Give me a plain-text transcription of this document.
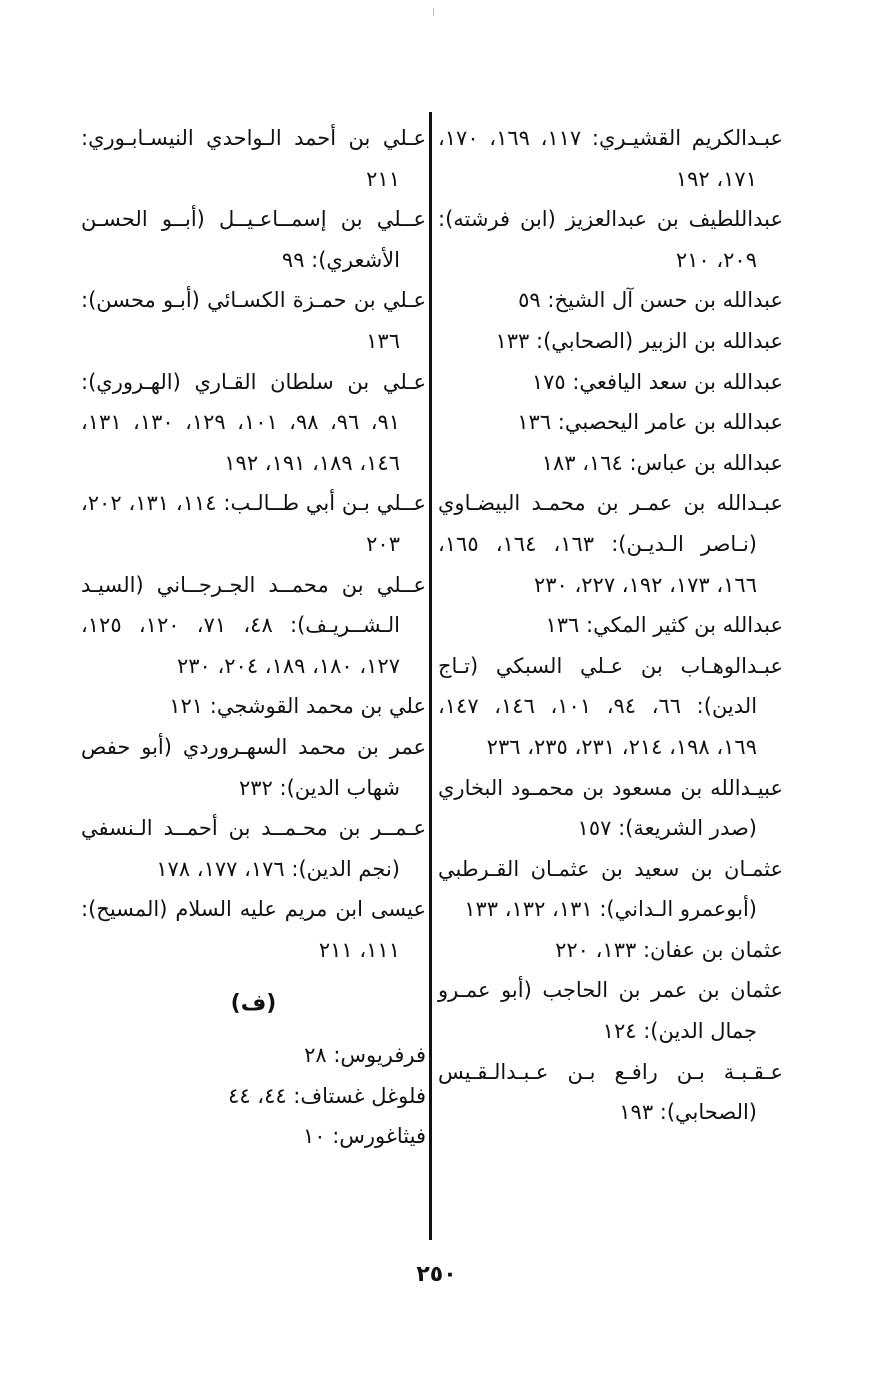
عبـدالكريم القشيـري: ١١٧، ١٦٩، ١٧٠، ١٧١، ١٩٢
عبداللطيف بن عبدالعزيز (ابن فرشته): ٢٠٩، ٢١٠
عبدالله بن حسن آل الشيخ: ٥٩
عبدالله بن الزبير (الصحابي): ١٣٣
عبدالله بن سعد اليافعي: ١٧٥
عبدالله بن عامر اليحصبي: ١٣٦
عبدالله بن عباس: ١٦٤، ١٨٣
عبـدالله بن عمـر بن محمـد البيضـاوي (نـاصر الـديـن): ١٦٣، ١٦٤، ١٦٥، ١٦٦، ١٧٣، ١٩٢، ٢٢٧، ٢٣٠
عبدالله بن كثير المكي: ١٣٦
عبـدالوهـاب بن عـلي السبكي (تـاج الدين): ٦٦، ٩٤، ١٠١، ١٤٦، ١٤٧، ١٦٩، ١٩٨، ٢١٤، ٢٣١، ٢٣٥، ٢٣٦
عبيـدالله بن مسعود بن محمـود البخاري (صدر الشريعة): ١٥٧
عثمـان بن سعيد بن عثمـان القـرطبي (أبوعمرو الـداني): ١٣١، ١٣٢، ١٣٣
عثمان بن عفان: ١٣٣، ٢٢٠
عثمان بن عمر بن الحاجب (أبو عمـرو جمال الدين): ١٢٤
عـقـبـة بـن رافـع بـن عـبـدالـقـيس (الصحابي): ١٩٣
عـلي بن أحمد الـواحدي النيسـابـوري: ٢١١
عــلي بن إسمــاعـيــل (أبــو الحسـن الأشعري): ٩٩
عـلي بن حمـزة الكسـائي (أبـو محسن): ١٣٦
عـلي بن سلطان القـاري (الهـروري): ٩١، ٩٦، ٩٨، ١٠١، ١٢٩، ١٣٠، ١٣١، ١٤٦، ١٨٩، ١٩١، ١٩٢
عــلي بـن أبي طــالـب: ١١٤، ١٣١، ٢٠٢، ٢٠٣
عــلي بن محمــد الجـرجــاني (السيـد الـشــريـف): ٤٨، ٧١، ١٢٠، ١٢٥، ١٢٧، ١٨٠، ١٨٩، ٢٠٤، ٢٣٠
علي بن محمد القوشجي: ١٢١
عمر بن محمد السهـروردي (أبو حفص شهاب الدين): ٢٣٢
عـمــر بن محـمــد بن أحمــد الـنسفي (نجم الدين): ١٧٦، ١٧٧، ١٧٨
عيسى ابن مريم عليه السلام (المسيح): ١١١، ٢١١
(ف)
فرفريوس: ٢٨
فلوغل غستاف: ٤٤، ٤٤
فيثاغورس: ١٠
٢٥٠
